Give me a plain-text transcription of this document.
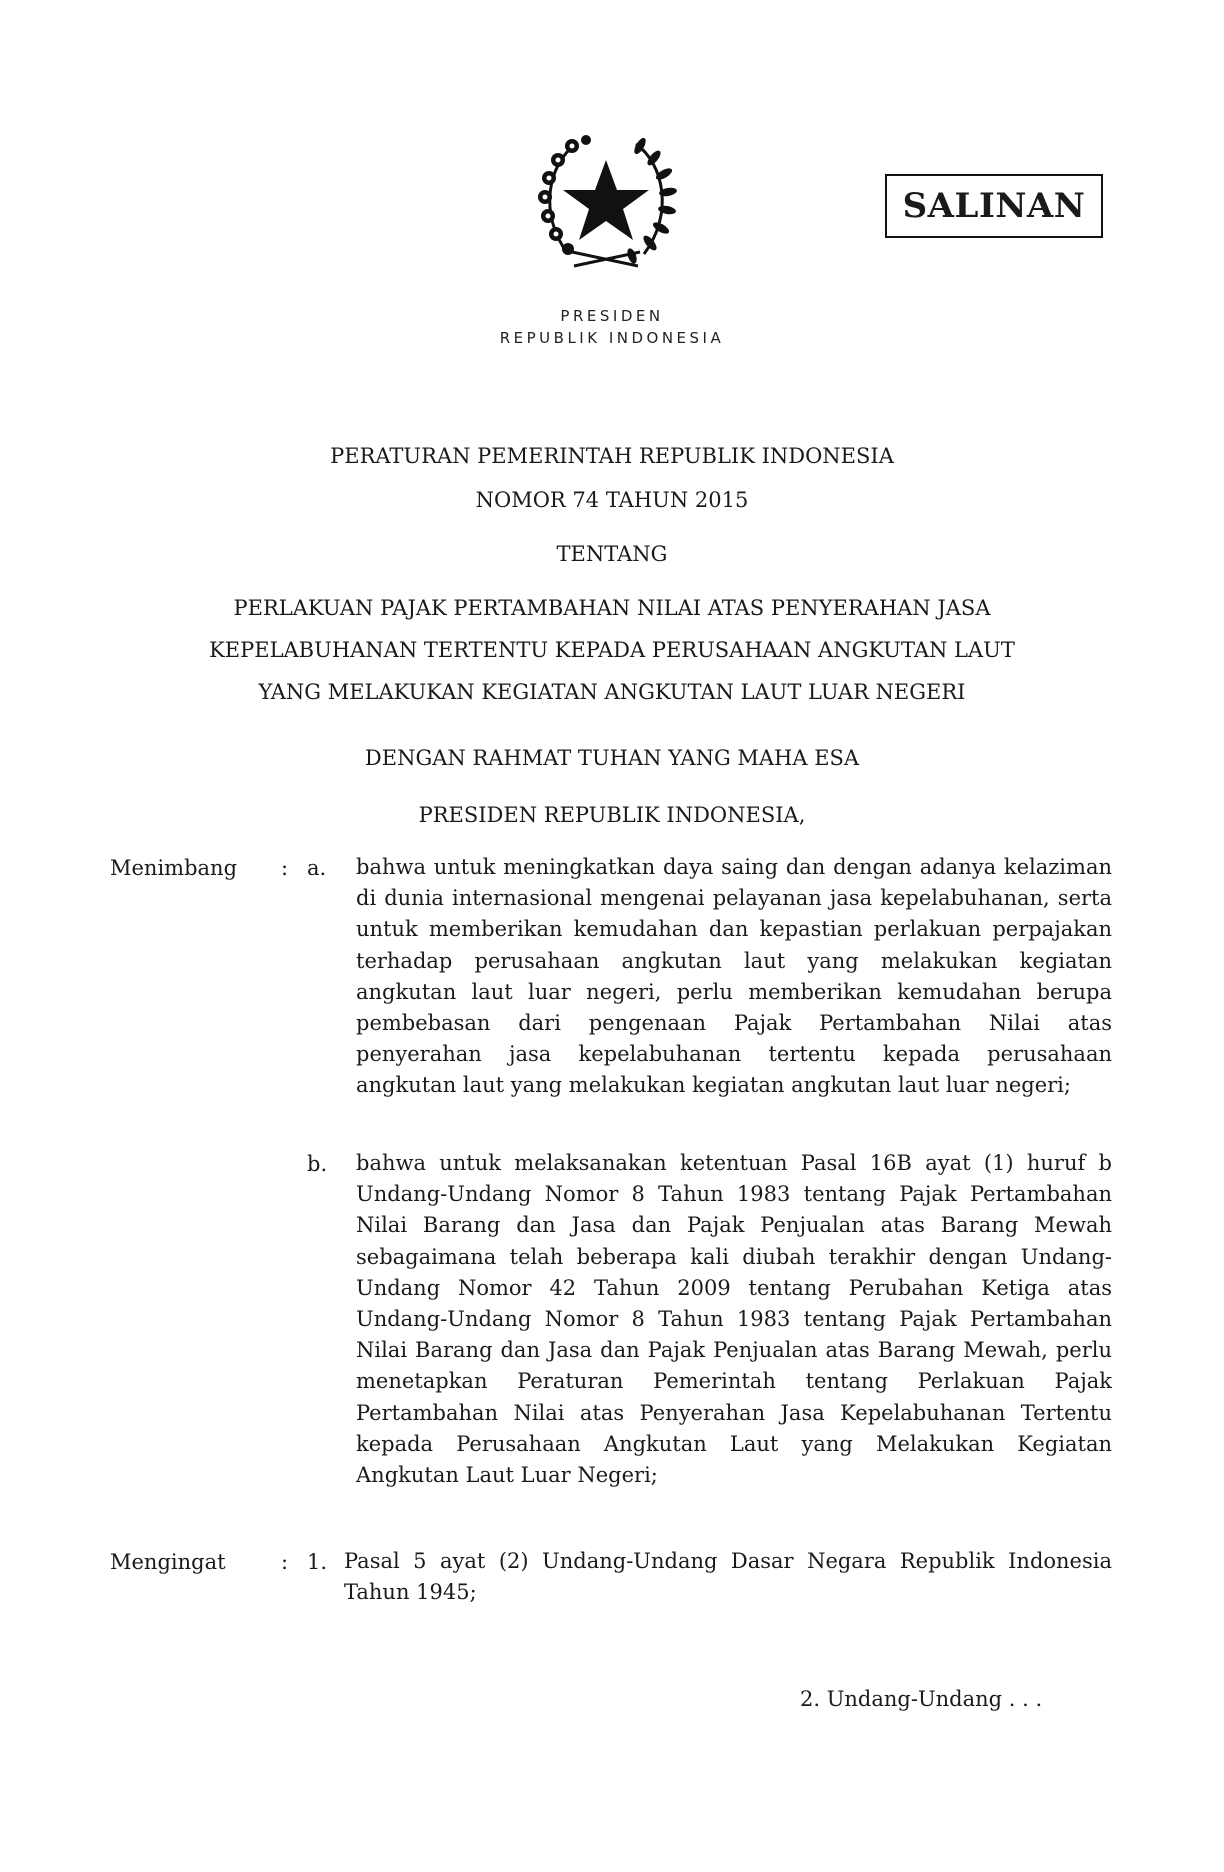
SALINAN
PRESIDEN
REPUBLIK INDONESIA
PERATURAN PEMERINTAH REPUBLIK INDONESIA
NOMOR 74 TAHUN 2015
TENTANG
PERLAKUAN PAJAK PERTAMBAHAN NILAI ATAS PENYERAHAN JASA
KEPELABUHANAN TERTENTU KEPADA PERUSAHAAN ANGKUTAN LAUT
YANG MELAKUKAN KEGIATAN ANGKUTAN LAUT LUAR NEGERI
DENGAN RAHMAT TUHAN YANG MAHA ESA
PRESIDEN REPUBLIK INDONESIA,
Menimbang : a. bahwa untuk meningkatkan daya saing dan dengan adanya kelaziman di dunia internasional mengenai pelayanan jasa kepelabuhanan, serta untuk memberikan kemudahan dan kepastian perlakuan perpajakan terhadap perusahaan angkutan laut yang melakukan kegiatan angkutan laut luar negeri, perlu memberikan kemudahan berupa pembebasan dari pengenaan Pajak Pertambahan Nilai atas penyerahan jasa kepelabuhanan tertentu kepada perusahaan angkutan laut yang melakukan kegiatan angkutan laut luar negeri;
b. bahwa untuk melaksanakan ketentuan Pasal 16B ayat (1) huruf b Undang-Undang Nomor 8 Tahun 1983 tentang Pajak Pertambahan Nilai Barang dan Jasa dan Pajak Penjualan atas Barang Mewah sebagaimana telah beberapa kali diubah terakhir dengan Undang-Undang Nomor 42 Tahun 2009 tentang Perubahan Ketiga atas Undang-Undang Nomor 8 Tahun 1983 tentang Pajak Pertambahan Nilai Barang dan Jasa dan Pajak Penjualan atas Barang Mewah, perlu menetapkan Peraturan Pemerintah tentang Perlakuan Pajak Pertambahan Nilai atas Penyerahan Jasa Kepelabuhanan Tertentu kepada Perusahaan Angkutan Laut yang Melakukan Kegiatan Angkutan Laut Luar Negeri;
Mengingat	: 1. Pasal 5 ayat (2) Undang-Undang Dasar Negara Republik Indonesia Tahun 1945;
2. Undang-Undang . . .
